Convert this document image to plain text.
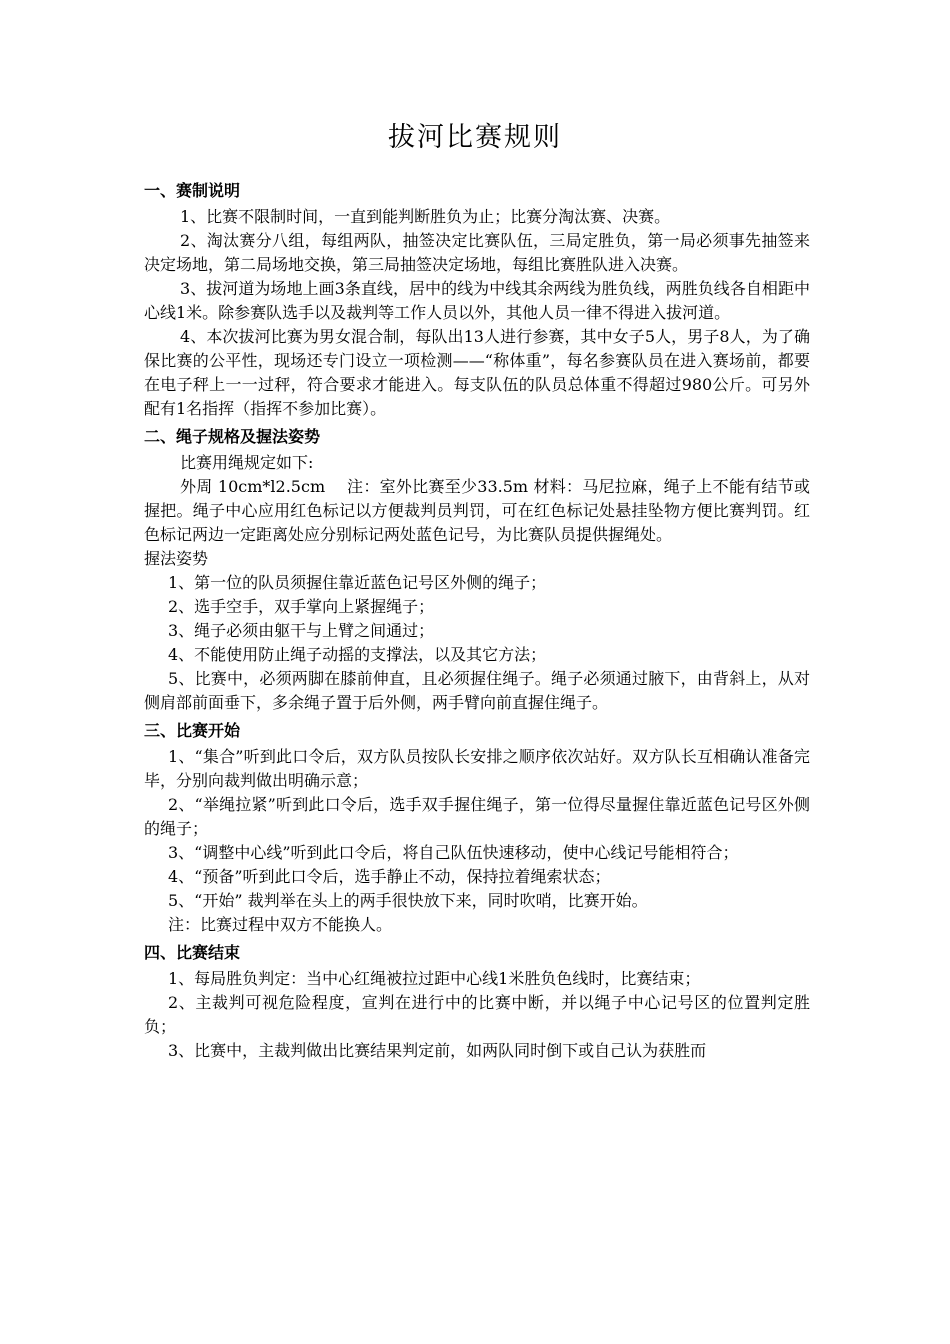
拔河比赛规则
一、赛制说明

1、比赛不限制时间，一直到能判断胜负为止；比赛分淘汰赛、决赛。

2、淘汰赛分八组，每组两队，抽签决定比赛队伍，三局定胜负，第一局必须事先抽签来决定场地，第二局场地交换，第三局抽签决定场地，每组比赛胜队进入决赛。

3、拔河道为场地上画3条直线，居中的线为中线其余两线为胜负线，两胜负线各自相距中心线1米。除参赛队选手以及裁判等工作人员以外，其他人员一律不得进入拔河道。

4、本次拔河比赛为男女混合制，每队出13人进行参赛，其中女子5人，男子8人，为了确保比赛的公平性，现场还专门设立一项检测——“称体重”，每名参赛队员在进入赛场前，都要在电子秤上一一过秤，符合要求才能进入。每支队伍的队员总体重不得超过980公斤。可另外配有1名指挥（指挥不参加比赛）。

二、绳子规格及握法姿势

比赛用绳规定如下:

外周 10cm*l2.5cm　 注：室外比赛至少33.5m 材料：马尼拉麻，绳子上不能有结节或握把。绳子中心应用红色标记以方便裁判员判罚，可在红色标记处悬挂坠物方便比赛判罚。红色标记两边一定距离处应分别标记两处蓝色记号，为比赛队员提供握绳处。

握法姿势

1、第一位的队员须握住靠近蓝色记号区外侧的绳子；

2、选手空手，双手掌向上紧握绳子；

3、绳子必须由躯干与上臂之间通过；

4、不能使用防止绳子动摇的支撑法，以及其它方法；

5、比赛中，必须两脚在膝前伸直，且必须握住绳子。绳子必须通过腋下，由背斜上，从对侧肩部前面垂下，多余绳子置于后外侧，两手臂向前直握住绳子。

三、比赛开始

1、“集合”听到此口令后，双方队员按队长安排之顺序依次站好。双方队长互相确认准备完毕，分别向裁判做出明确示意；

2、“举绳拉紧”听到此口令后，选手双手握住绳子，第一位得尽量握住靠近蓝色记号区外侧的绳子；

3、“调整中心线”听到此口令后，将自己队伍快速移动，使中心线记号能相符合；

4、“预备”听到此口令后，选手静止不动，保持拉着绳索状态；

5、“开始” 裁判举在头上的两手很快放下来，同时吹哨，比赛开始。

注：比赛过程中双方不能换人。

四、比赛结束

1、每局胜负判定：当中心红绳被拉过距中心线1米胜负色线时，比赛结束；

2、主裁判可视危险程度，宣判在进行中的比赛中断，并以绳子中心记号区的位置判定胜负；

3、比赛中，主裁判做出比赛结果判定前，如两队同时倒下或自己认为获胜而
